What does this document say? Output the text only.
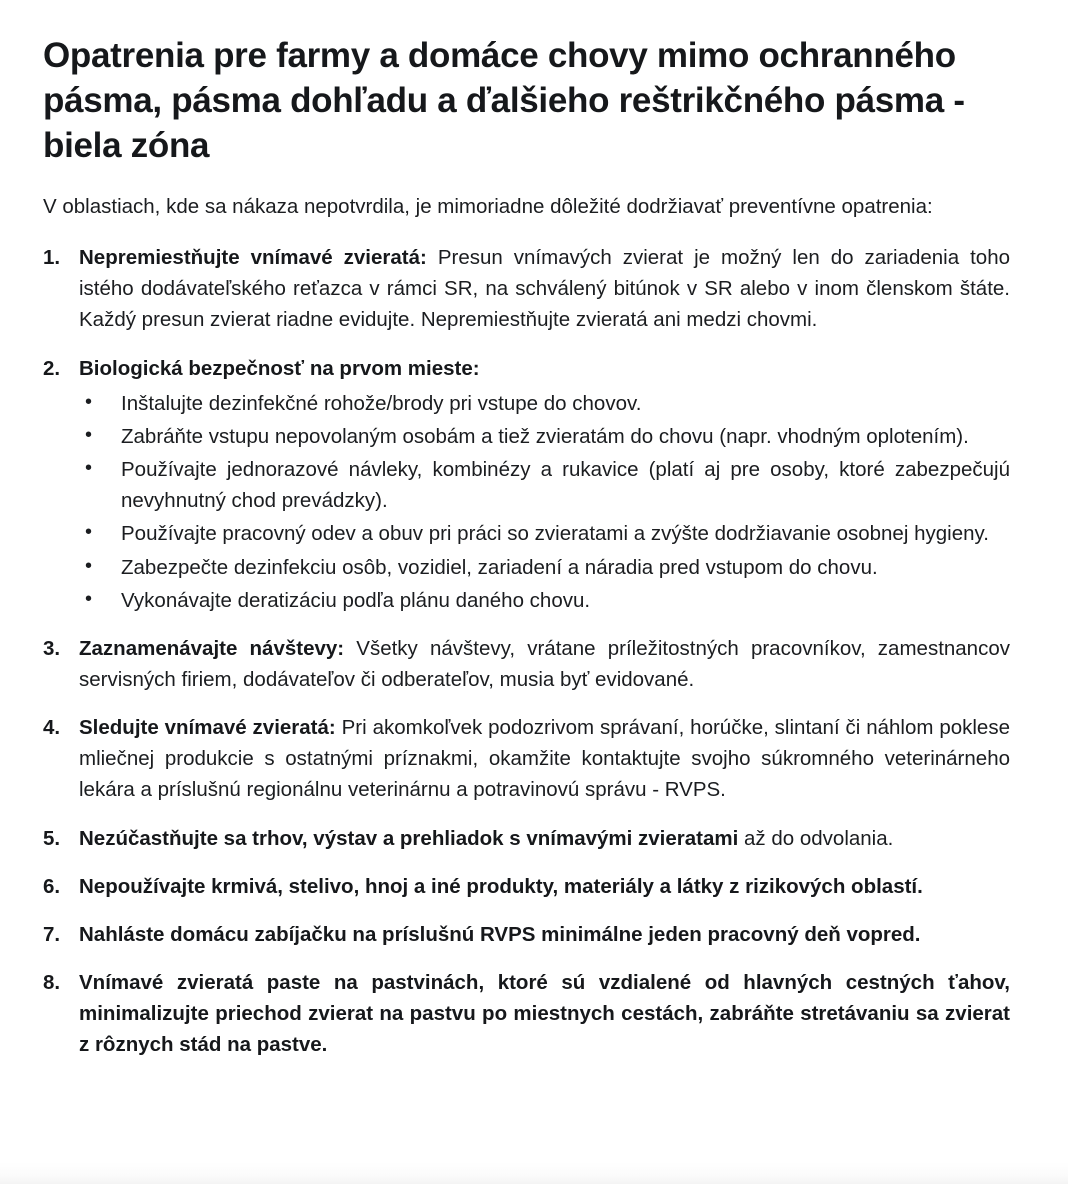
Opatrenia pre farmy a domáce chovy mimo ochranného pásma, pásma dohľadu a ďalšieho reštrikčného pásma - biela zóna

V oblastiach, kde sa nákaza nepotvrdila, je mimoriadne dôležité dodržiavať preventívne opatrenia:

1. Nepremiestňujte vnímavé zvieratá: Presun vnímavých zvierat je možný len do zariadenia toho istého dodávateľského reťazca v rámci SR, na schválený bitúnok v SR alebo v inom členskom štáte. Každý presun zvierat riadne evidujte. Nepremiestňujte zvieratá ani medzi chovmi.
2. Biologická bezpečnosť na prvom mieste:
• Inštalujte dezinfekčné rohože/brody pri vstupe do chovov.
• Zabráňte vstupu nepovolaným osobám a tiež zvieratám do chovu (napr. vhodným oplotením).
• Používajte jednorazové návleky, kombinézy a rukavice (platí aj pre osoby, ktoré zabezpečujú nevyhnutný chod prevádzky).
• Používajte pracovný odev a obuv pri práci so zvieratami a zvýšte dodržiavanie osobnej hygieny.
• Zabezpečte dezinfekciu osôb, vozidiel, zariadení a náradia pred vstupom do chovu.
• Vykonávajte deratizáciu podľa plánu daného chovu.
3. Zaznamenávajte návštevy: Všetky návštevy, vrátane príležitostných pracovníkov, zamestnancov servisných firiem, dodávateľov či odberateľov, musia byť evidované.
4. Sledujte vnímavé zvieratá: Pri akomkoľvek podozrivom správaní, horúčke, slintaní či náhlom poklese mliečnej produkcie s ostatnými príznakmi, okamžite kontaktujte svojho súkromného veterinárneho lekára a príslušnú regionálnu veterinárnu a potravinovú správu - RVPS.
5. Nezúčastňujte sa trhov, výstav a prehliadok s vnímavými zvieratami až do odvolania.
6. Nepoužívajte krmivá, stelivo, hnoj a iné produkty, materiály a látky z rizikových oblastí.
7. Nahláste domácu zabíjačku na príslušnú RVPS minimálne jeden pracovný deň vopred.
8. Vnímavé zvieratá paste na pastvinách, ktoré sú vzdialené od hlavných cestných ťahov, minimalizujte priechod zvierat na pastvu po miestnych cestách, zabráňte stretávaniu sa zvierat z rôznych stád na pastve.
